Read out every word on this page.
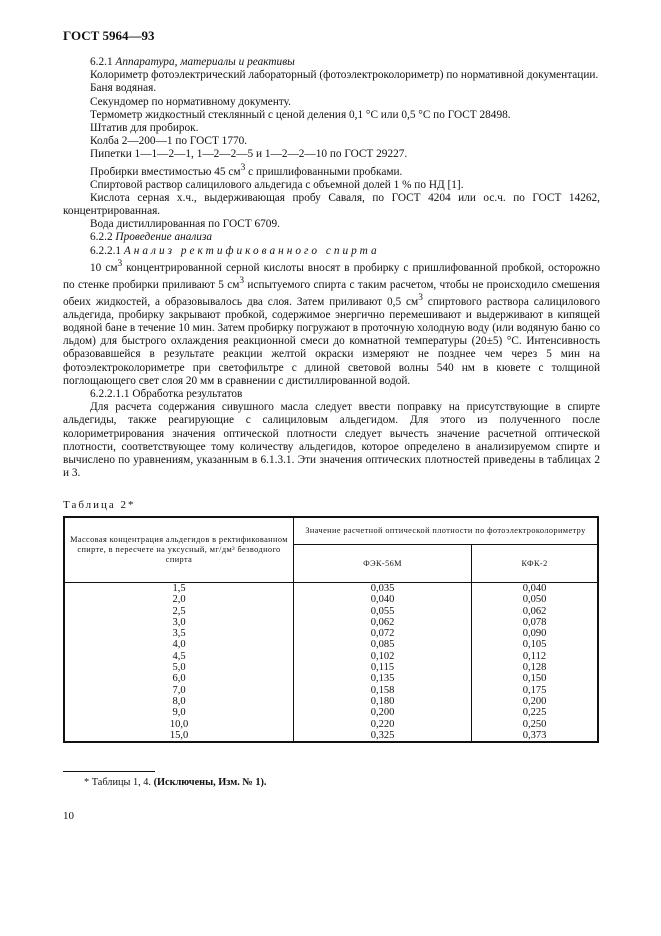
ГОСТ 5964—93

6.2.1 Аппаратура, материалы и реактивы

Колориметр фотоэлектрический лабораторный (фотоэлектроколориметр) по нормативной документации.

Баня водяная.

Секундомер по нормативному документу.

Термометр жидкостный стеклянный с ценой деления 0,1 °С или 0,5 °С по ГОСТ 28498.

Штатив для пробирок.

Колба 2—200—1 по ГОСТ 1770.

Пипетки 1—1—2—1, 1—2—2—5 и 1—2—2—10 по ГОСТ 29227.

Пробирки вместимостью 45 $см^3$ с пришлифованными пробками.

Спиртовой раствор салицилового альдегида с объемной долей 1 % по НД [1].

Кислота серная х.ч., выдерживающая пробу Саваля, по ГОСТ 4204 или ос.ч. по ГОСТ 14262, концентрированная.

Вода дистиллированная по ГОСТ 6709.

6.2.2 Проведение анализа

6.2.2.1 Анализ ректификованного спирта

10 $см^3$ концентрированной серной кислоты вносят в пробирку с пришлифованной пробкой, осторожно по стенке пробирки приливают 5 $см^3$ испытуемого спирта с таким расчетом, чтобы не происходило смешения обеих жидкостей, а образовывалось два слоя. Затем приливают 0,5 $см^3$ спиртового раствора салицилового альдегида, пробирку закрывают пробкой, содержимое энергично перемешивают и выдерживают в кипящей водяной бане в течение 10 мин. Затем пробирку погружают в проточную холодную воду (или водяную баню со льдом) для быстрого охлаждения реакционной смеси до комнатной температуры (20±5) °С. Интенсивность образовавшейся в результате реакции желтой окраски измеряют не позднее чем через 5 мин на фотоэлектроколориметре при светофильтре с длиной световой волны 540 нм в кювете с толщиной поглощающего свет слоя 20 мм в сравнении с дистиллированной водой.

6.2.2.1.1 Обработка результатов

Для расчета содержания сивушного масла следует ввести поправку на присутствующие в спирте альдегиды, также реагирующие с салициловым альдегидом. Для этого из полученного после колориметрирования значения оптической плотности следует вычесть значение расчетной оптической плотности, соответствующее тому количеству альдегидов, которое определено в анализируемом спирте и вычислено по уравнениям, указанным в 6.1.3.1. Эти значения оптических плотностей приведены в таблицах 2 и 3.

Таблица 2*
Массовая концентрация альдегидов в ректификованном спирте, в пересчете на уксусный, мг/дм³ безводного спирта	Значение расчетной оптической плотности по фотоэлектроколориметру	
	ФЭК-56М	КФК-2
1,5	0,035	0,040
2,0	0,040	0,050
2,5	0,055	0,062
3,0	0,062	0,078
3,5	0,072	0,090
4,0	0,085	0,105
4,5	0,102	0,112
5,0	0,115	0,128
6,0	0,135	0,150
7,0	0,158	0,175
8,0	0,180	0,200
9,0	0,200	0,225
10,0	0,220	0,250
15,0	0,325	0,373
* Таблицы 1, 4. (Исключены, Изм. № 1).
10
